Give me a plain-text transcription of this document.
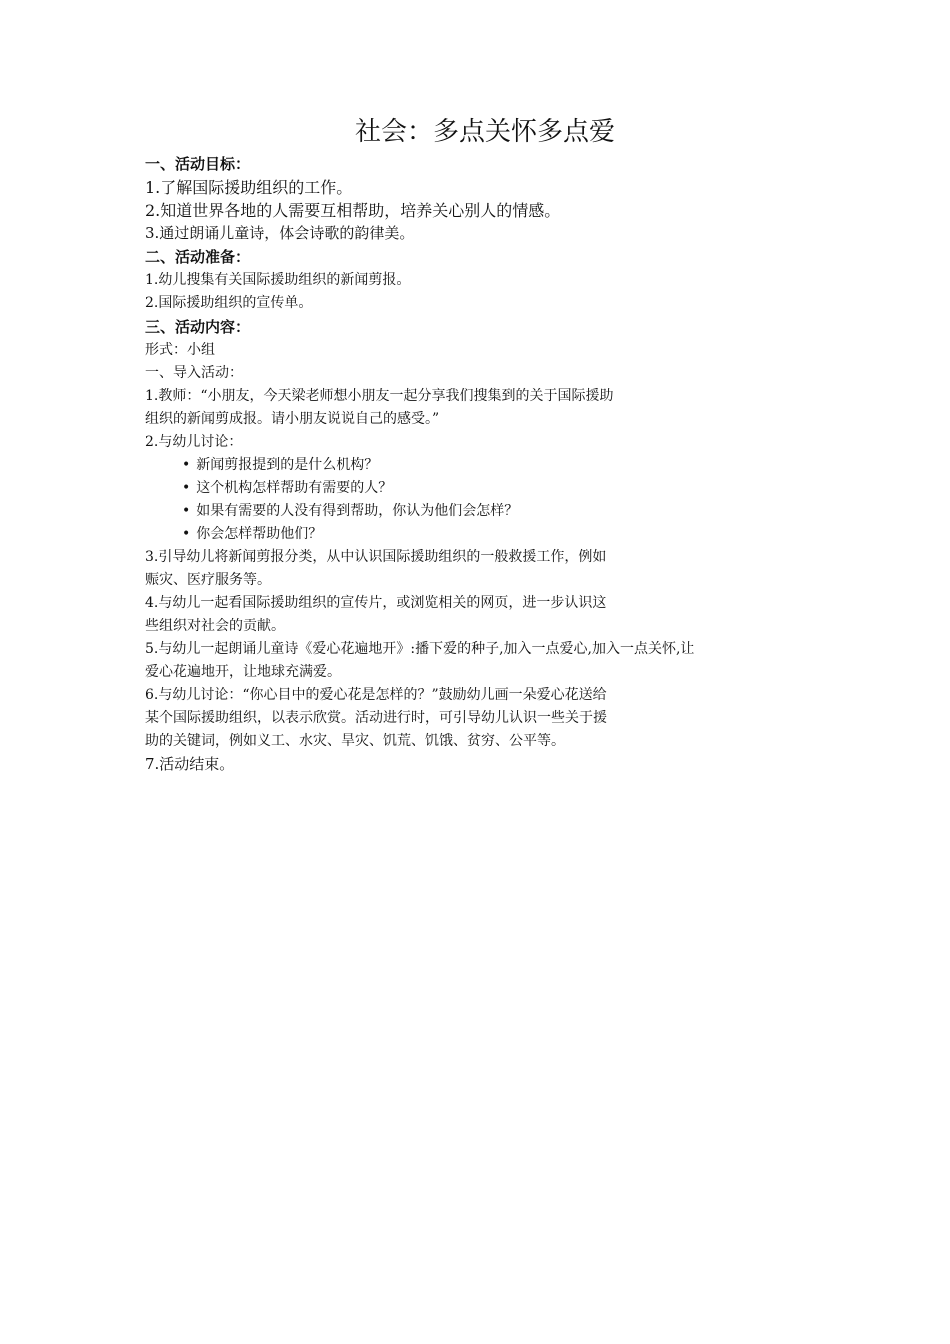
社会：多点关怀多点爱

一、活动目标：

1.了解国际援助组织的工作。

2.知道世界各地的人需要互相帮助，培养关心别人的情感。

3.通过朗诵儿童诗，体会诗歌的韵律美。

二、活动准备：

1.幼儿搜集有关国际援助组织的新闻剪报。

2.国际援助组织的宣传单。

三、活动内容：

形式：小组

一、导入活动：

1.教师：“小朋友，今天梁老师想小朋友一起分享我们搜集到的关于国际援助

组织的新闻剪成报。请小朋友说说自己的感受。”

2.与幼儿讨论：

• 新闻剪报提到的是什么机构？
• 这个机构怎样帮助有需要的人？
• 如果有需要的人没有得到帮助，你认为他们会怎样？
• 你会怎样帮助他们？

3.引导幼儿将新闻剪报分类，从中认识国际援助组织的一般救援工作，例如

赈灾、医疗服务等。

4.与幼儿一起看国际援助组织的宣传片，或浏览相关的网页，进一步认识这

些组织对社会的贡献。

5.与幼儿一起朗诵儿童诗《爱心花遍地开》:播下爱的种子,加入一点爱心,加入一点关怀,让

爱心花遍地开，让地球充满爱。

6.与幼儿讨论：“你心目中的爱心花是怎样的？”鼓励幼儿画一朵爱心花送给

某个国际援助组织，以表示欣赏。活动进行时，可引导幼儿认识一些关于援

助的关键词，例如义工、水灾、旱灾、饥荒、饥饿、贫穷、公平等。

7.活动结束。
